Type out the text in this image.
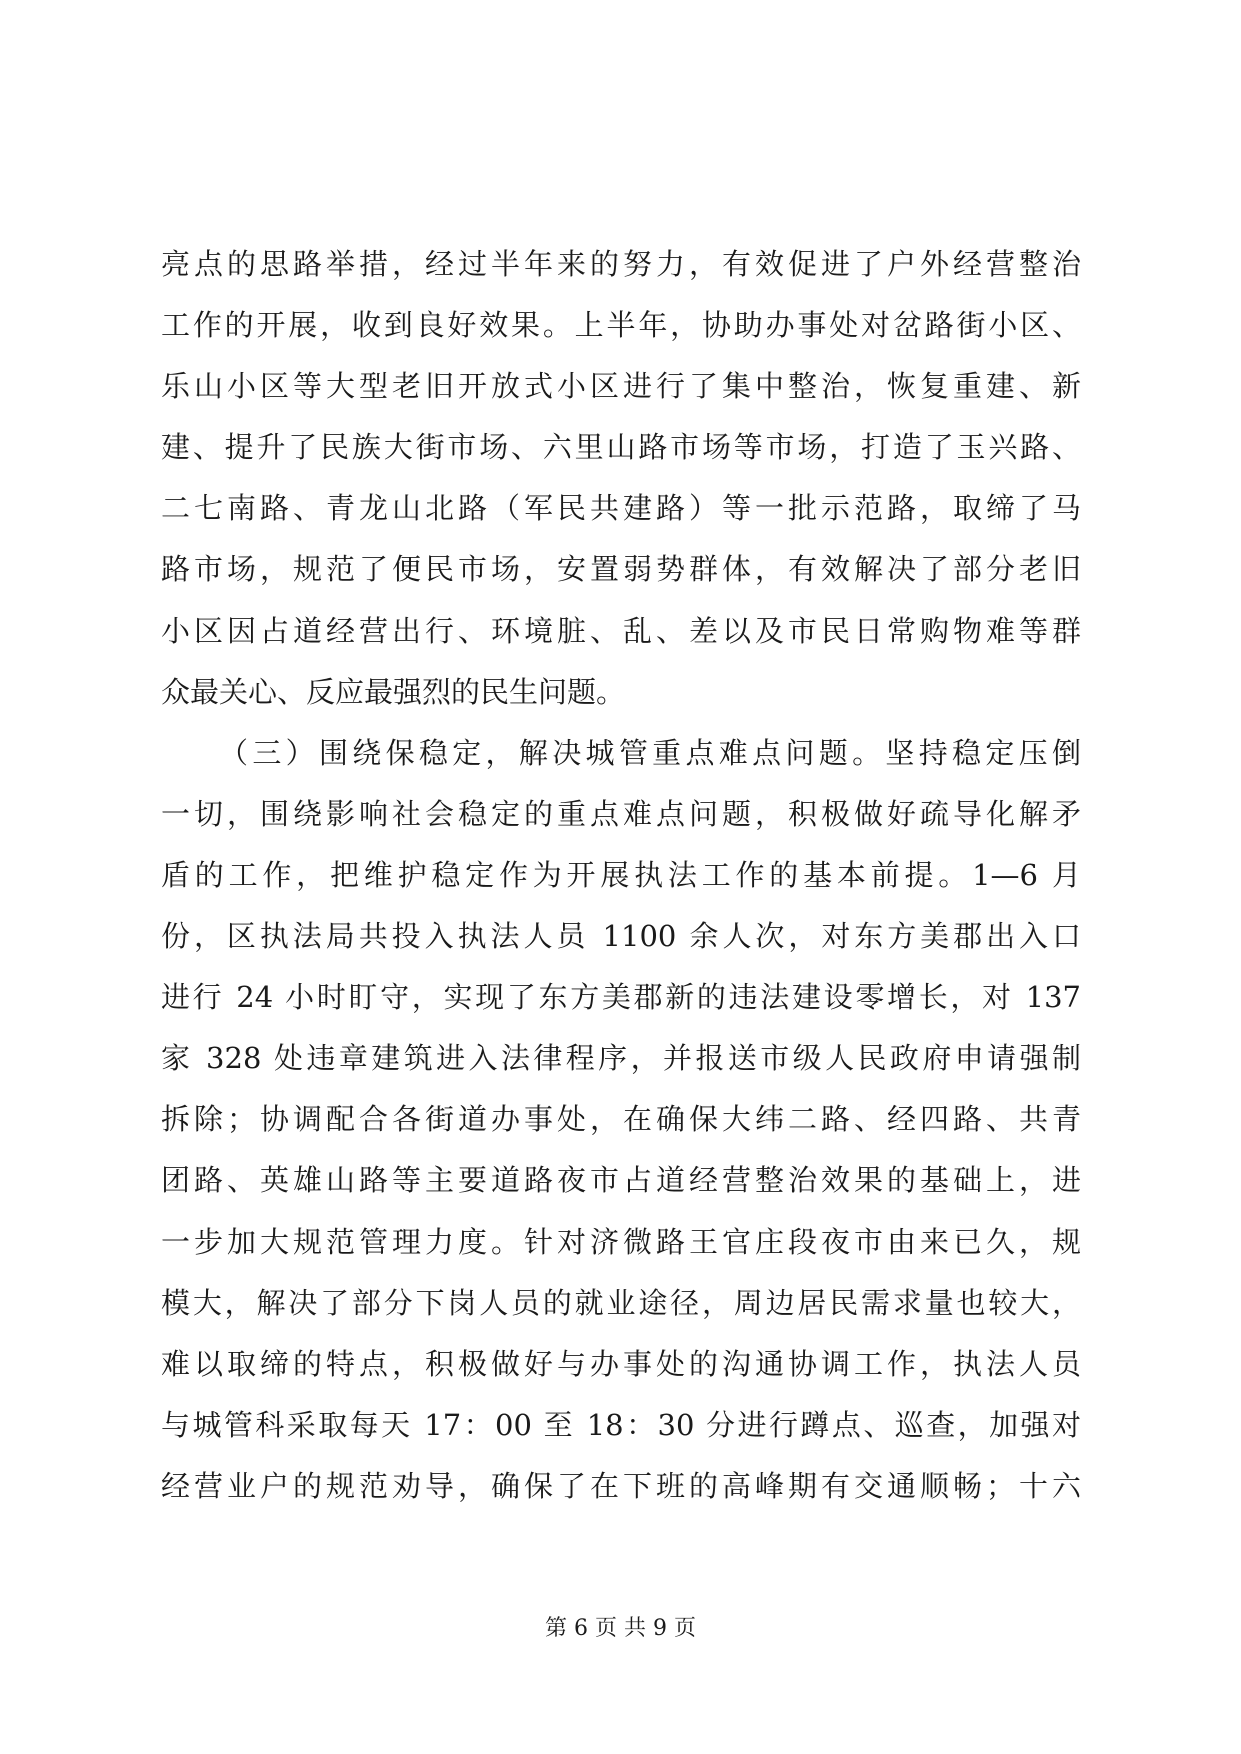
亮点的思路举措，经过半年来的努力，有效促进了户外经营整治
工作的开展，收到良好效果。上半年，协助办事处对岔路街小区、
乐山小区等大型老旧开放式小区进行了集中整治，恢复重建、新
建、提升了民族大街市场、六里山路市场等市场，打造了玉兴路、
二七南路、青龙山北路（军民共建路）等一批示范路，取缔了马
路市场，规范了便民市场，安置弱势群体，有效解决了部分老旧
小区因占道经营出行、环境脏、乱、差以及市民日常购物难等群
众最关心、反应最强烈的民生问题。
（三）围绕保稳定，解决城管重点难点问题。坚持稳定压倒
一切，围绕影响社会稳定的重点难点问题，积极做好疏导化解矛
盾的工作，把维护稳定作为开展执法工作的基本前提。1—6 月
份，区执法局共投入执法人员 1100 余人次，对东方美郡出入口
进行 24 小时盯守，实现了东方美郡新的违法建设零增长，对 137
家 328 处违章建筑进入法律程序，并报送市级人民政府申请强制
拆除；协调配合各街道办事处，在确保大纬二路、经四路、共青
团路、英雄山路等主要道路夜市占道经营整治效果的基础上，进
一步加大规范管理力度。针对济微路王官庄段夜市由来已久，规
模大，解决了部分下岗人员的就业途径，周边居民需求量也较大，
难以取缔的特点，积极做好与办事处的沟通协调工作，执法人员
与城管科采取每天 17：00 至 18：30 分进行蹲点、巡查，加强对
经营业户的规范劝导，确保了在下班的高峰期有交通顺畅；十六
第 6 页 共 9 页
